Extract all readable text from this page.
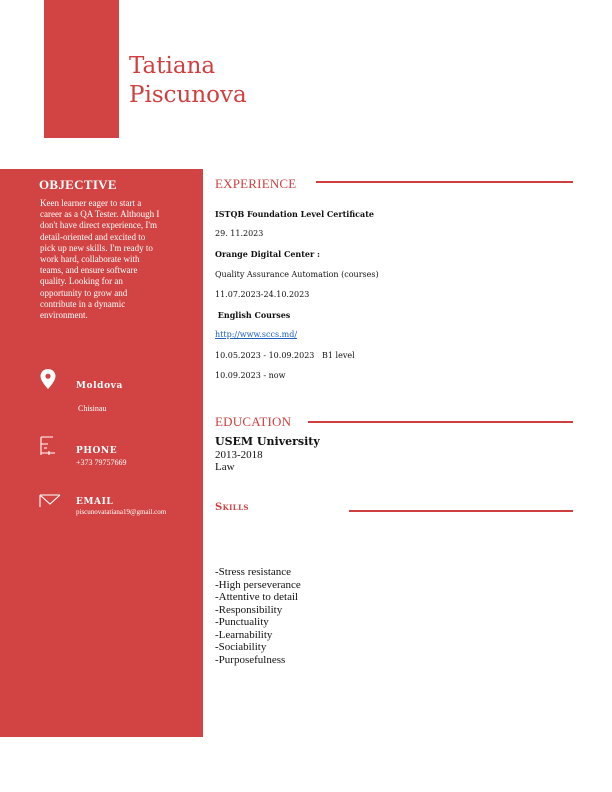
Tatiana
Piscunova
OBJECTIVE

Keen learner eager to start a career as a QA Tester. Although I don't have direct experience, I'm detail-oriented and excited to pick up new skills. I'm ready to work hard, collaborate with teams, and ensure software quality. Looking for an opportunity to grow and contribute in a dynamic environment.

Moldova

Chisinau

PHONE

+373 79757669

EMAIL

piscunovatatiana19@gmail.com

EXPERIENCE

ISTQB Foundation Level Certificate

29. 11.2023

Orange Digital Center :

Quality Assurance Automation (courses)

11.07.2023-24.10.2023

English Courses

http://www.sccs.md/

10.05.2023 - 10.09.2023   B1 level

10.09.2023 - now

EDUCATION

USEM University

2013-2018

Law

Skills
-Stress resistance
-High perseverance
-Attentive to detail
-Responsibility
-Punctuality
-Learnability
-Sociability
-Purposefulness
